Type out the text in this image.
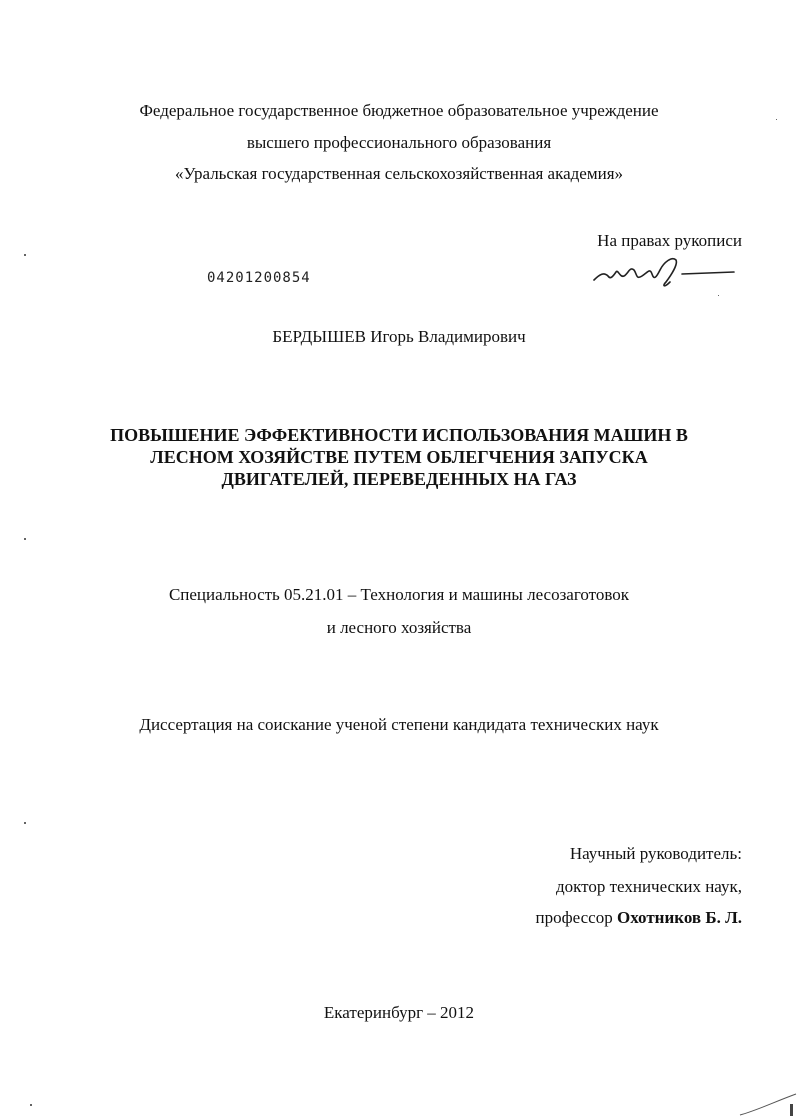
Федеральное государственное бюджетное образовательное учреждение
высшего профессионального образования
«Уральская государственная сельскохозяйственная академия»
На правах рукописи
04201200854
БЕРДЫШЕВ Игорь Владимирович
ПОВЫШЕНИЕ ЭФФЕКТИВНОСТИ ИСПОЛЬЗОВАНИЯ МАШИН В
ЛЕСНОМ ХОЗЯЙСТВЕ ПУТЕМ ОБЛЕГЧЕНИЯ ЗАПУСКА
ДВИГАТЕЛЕЙ, ПЕРЕВЕДЕННЫХ НА ГАЗ
Специальность 05.21.01 – Технология и машины лесозаготовок
и лесного хозяйства
Диссертация на соискание ученой степени кандидата технических наук
Научный руководитель:
доктор технических наук,
профессор Охотников Б. Л.
Екатеринбург – 2012
